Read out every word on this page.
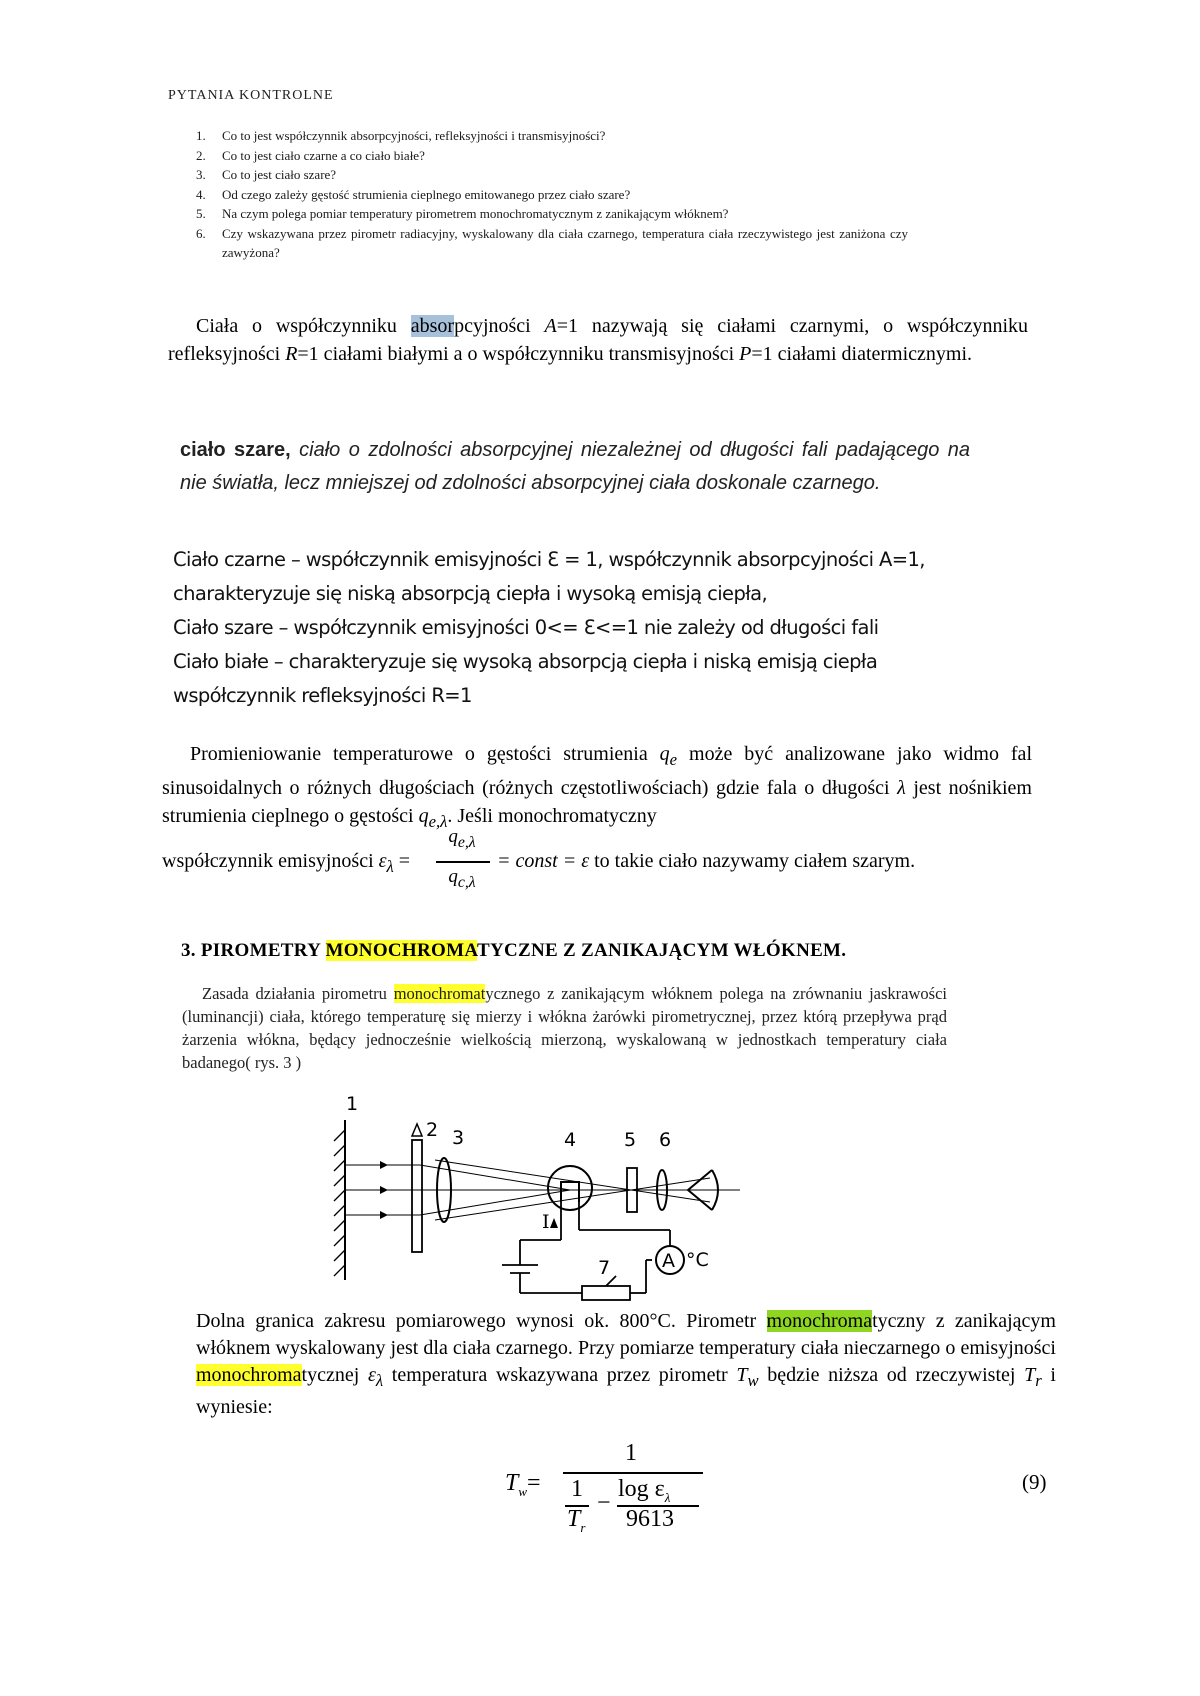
PYTANIA KONTROLNE
1.	Co to jest współczynnik absorpcyjności, refleksyjności i transmisyjności?
2.	Co to jest ciało czarne a co ciało białe?
3.	Co to jest ciało szare?
4.	Od czego zależy gęstość strumienia cieplnego emitowanego przez ciało szare?
5.	Na czym polega pomiar temperatury pirometrem monochromatycznym z zanikającym włóknem?
6.	Czy wskazywana przez pirometr radiacyjny, wyskalowany dla ciała czarnego, temperatura ciała rzeczywistego jest zaniżona czy zawyżona?
Ciała o współczynniku absorpcyjności A=1 nazywają się ciałami czarnymi, o współczynniku refleksyjności R=1 ciałami białymi a o współczynniku transmisyjności P=1 ciałami diatermicznymi.
ciało szare, ciało o zdolności absorpcyjnej niezależnej od długości fali padającego na nie światła, lecz mniejszej od zdolności absorpcyjnej ciała doskonale czarnego.
Ciało czarne – współczynnik emisyjności Ɛ = 1, współczynnik absorpcyjności A=1,
charakteryzuje się niską absorpcją ciepła i wysoką emisją ciepła,
Ciało szare – współczynnik emisyjności 0<= Ɛ<=1 nie zależy od długości fali
Ciało białe – charakteryzuje się wysoką absorpcją ciepła i niską emisją ciepła
współczynnik refleksyjności R=1
Promieniowanie temperaturowe o gęstości strumienia $q_e$ może być analizowane jako widmo fal sinusoidalnych o różnych długościach (różnych częstotliwościach) gdzie fala o długości λ jest nośnikiem strumienia cieplnego o gęstości $q_{e,\lambda}$. Jeśli monochromatyczny
współczynnik emisyjności $\varepsilon_\lambda$ =
$q_{e,\lambda}$
$q_{c,\lambda}$
= const = ε to takie ciało nazywamy ciałem szarym.
3. PIROMETRY MONOCHROMATYCZNE Z ZANIKAJĄCYM WŁÓKNEM.
Zasada działania pirometru monochromatycznego z zanikającym włóknem polega na zrównaniu jaskrawości (luminancji) ciała, którego temperaturę się mierzy i włókna żarówki pirometrycznej, przez którą przepływa prąd żarzenia włókna, będący jednocześnie wielkością mierzoną, wyskalowaną w jednostkach temperatury ciała badanego( rys. 3 )
1
2 3	4	5 6
I
7	A °C
Dolna granica zakresu pomiarowego wynosi ok. 800°C. Pirometr monochromatyczny z zanikającym włóknem wyskalowany jest dla ciała czarnego. Przy pomiarze temperatury ciała nieczarnego o emisyjności monochromatycznej $\varepsilon_\lambda$ temperatura wskazywana przez pirometr $T_w$ będzie niższa od rzeczywistej $T_r$ i wyniesie:
$T_w=$
1
1
$T_r$
−
$\log \varepsilon_\lambda$
9613
(9)
